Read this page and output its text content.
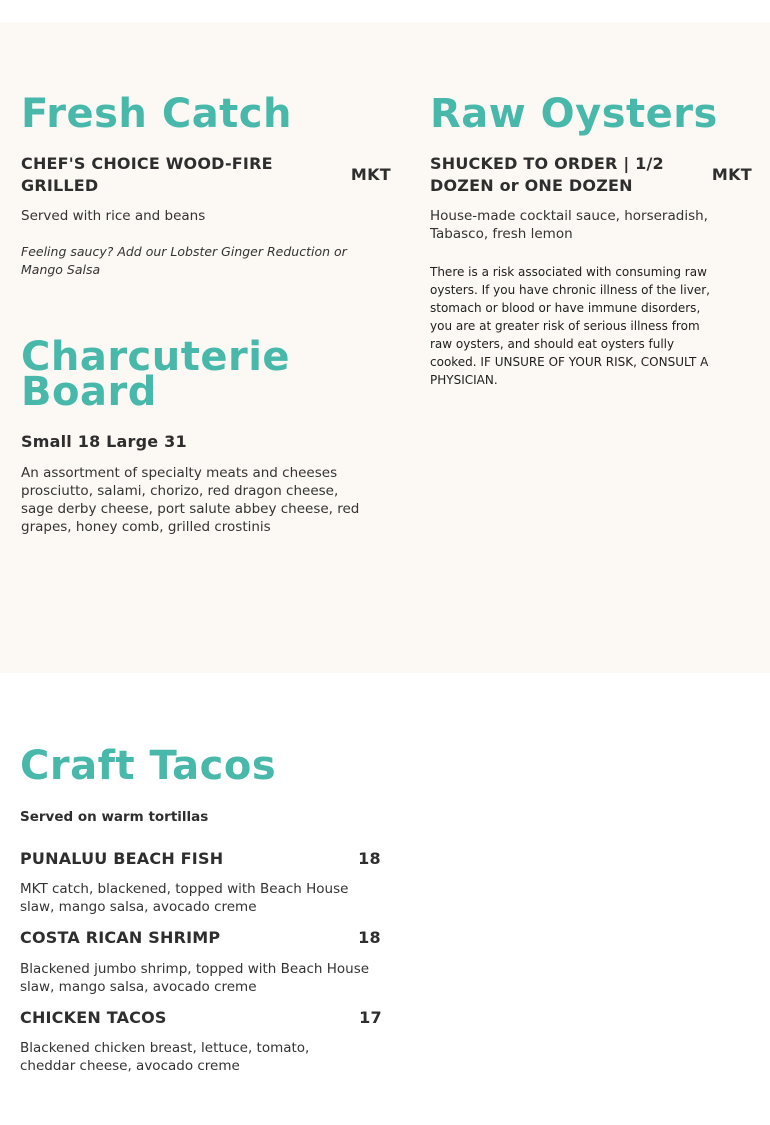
Fresh Catch
CHEF'S CHOICE WOOD-FIRE GRILLED
MKT
Served with rice and beans
Feeling saucy? Add our Lobster Ginger Reduction or Mango Salsa
Raw Oysters
SHUCKED TO ORDER | 1/2 DOZEN or ONE DOZEN
MKT
House-made cocktail sauce, horseradish, Tabasco, fresh lemon
There is a risk associated with consuming raw oysters. If you have chronic illness of the liver, stomach or blood or have immune disorders, you are at greater risk of serious illness from raw oysters, and should eat oysters fully cooked. IF UNSURE OF YOUR RISK, CONSULT A PHYSICIAN.
Charcuterie
Board
Small 18 Large 31
An assortment of specialty meats and cheeses prosciutto, salami, chorizo, red dragon cheese, sage derby cheese, port salute abbey cheese, red grapes, honey comb, grilled crostinis
Craft Tacos
Served on warm tortillas
PUNALUU BEACH FISH	18
MKT catch, blackened, topped with Beach House slaw, mango salsa, avocado creme
COSTA RICAN SHRIMP	18
Blackened jumbo shrimp, topped with Beach House slaw, mango salsa, avocado creme
CHICKEN TACOS	17
Blackened chicken breast, lettuce, tomato, cheddar cheese, avocado creme
